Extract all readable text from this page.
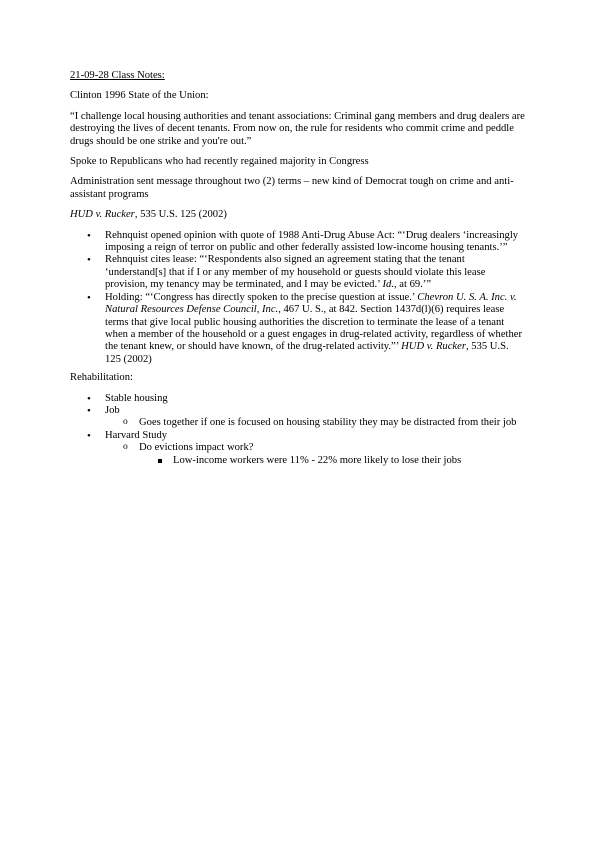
21-09-28 Class Notes:

Clinton 1996 State of the Union:

“I challenge local housing authorities and tenant associations: Criminal gang members and drug dealers are destroying the lives of decent tenants. From now on, the rule for residents who commit crime and peddle drugs should be one strike and you're out.”

Spoke to Republicans who had recently regained majority in Congress

Administration sent message throughout two (2) terms – new kind of Democrat tough on crime and anti-assistant programs

HUD v. Rucker, 535 U.S. 125 (2002)

• Rehnquist opened opinion with quote of 1988 Anti-Drug Abuse Act: “‘Drug dealers ‘increasingly imposing a reign of terror on public and other federally assisted low-income housing tenants.’”
• Rehnquist cites lease: “‘Respondents also signed an agreement stating that the tenant ‘understand[s] that if I or any member of my household or guests should violate this lease provision, my tenancy may be terminated, and I may be evicted.’ Id., at 69.’”
• Holding: “‘Congress has directly spoken to the precise question at issue.’ Chevron U. S. A. Inc. v. Natural Resources Defense Council, Inc., 467 U. S., at 842. Section 1437d(l)(6) requires lease terms that give local public housing authorities the discretion to terminate the lease of a tenant when a member of the household or a guest engages in drug-related activity, regardless of whether the tenant knew, or should have known, of the drug-related activity.”’ HUD v. Rucker, 535 U.S. 125 (2002)

Rehabilitation:

• Stable housing
• Job
o Goes together if one is focused on housing stability they may be distracted from their job
• Harvard Study
o Do evictions impact work?
Low-income workers were 11% - 22% more likely to lose their jobs
